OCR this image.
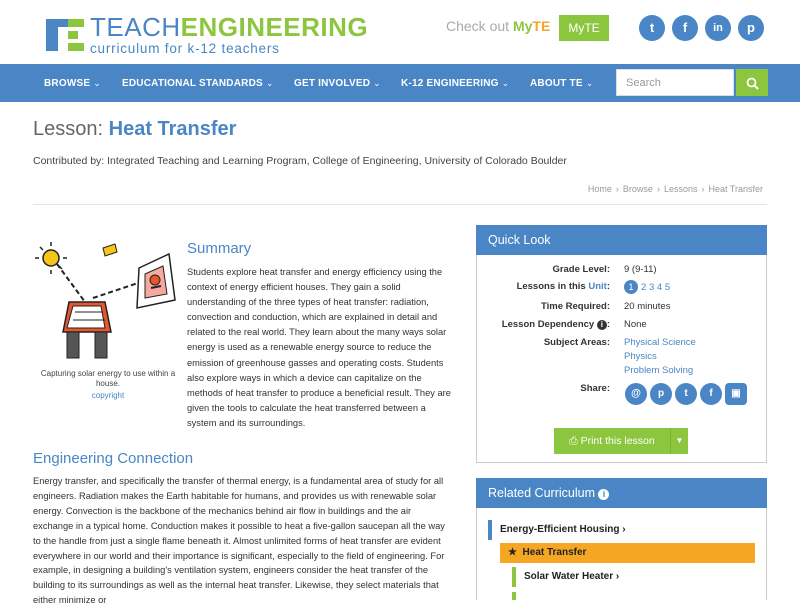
TEACHENGINEERING
curriculum for k-12 teachers
Check out MyTE	MyTE	t	f	in	p
BROWSE ⌄ EDUCATIONAL STANDARDS ⌄ GET INVOLVED ⌄ K-12 ENGINEERING ⌄ ABOUT TE ⌄
Search
Lesson: Heat Transfer
Contributed by: Integrated Teaching and Learning Program, College of Engineering, University of Colorado Boulder
Home › Browse › Lessons › Heat Transfer
Capturing solar energy to use within a house.
copyright
Summary
Students explore heat transfer and energy efficiency using the context of energy efficient houses. They gain a solid understanding of the three types of heat transfer: radiation, convection and conduction, which are explained in detail and related to the real world. They learn about the many ways solar energy is used as a renewable energy source to reduce the emission of greenhouse gasses and operating costs. Students also explore ways in which a device can capitalize on the methods of heat transfer to produce a beneficial result. They are given the tools to calculate the heat transferred between a system and its surroundings.
Engineering Connection
Energy transfer, and specifically the transfer of thermal energy, is a fundamental area of study for all engineers. Radiation makes the Earth habitable for humans, and provides us with renewable solar energy. Convection is the backbone of the mechanics behind air flow in buildings and the air exchange in a typical home. Conduction makes it possible to heat a five-gallon saucepan all the way to the handle from just a single flame beneath it. Almost unlimited forms of heat transfer are evident everywhere in our world and their importance is significant, especially to the field of engineering. For example, in designing a building's ventilation system, engineers consider the heat transfer of the building to its surroundings as well as the internal heat transfer. Likewise, they select materials that either minimize or
Quick Look
Grade Level: 9 (9-11)
Lessons in this Unit:	1 2 3 4 5
Time Required: 20 minutes
Lesson Dependency i : None
Subject Areas: Physical Science
Physics
Problem Solving
Share:	@	p	t	f	▣
⎙ Print this lesson	▼
Related Curriculum i
Energy-Efficient Housing ›
★ Heat Transfer
Solar Water Heater ›
